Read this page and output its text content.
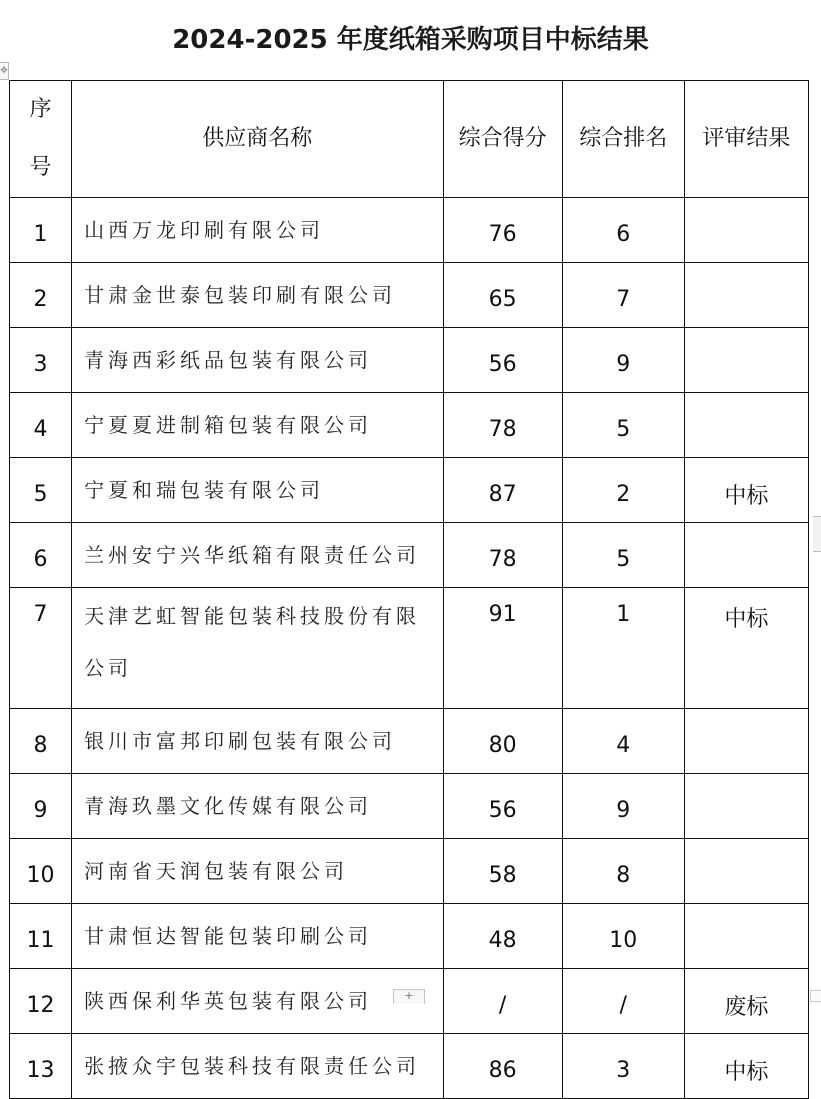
2024-2025 年度纸箱采购项目中标结果
✥
序号	供应商名称	综合得分	综合排名	评审结果
1	山西万龙印刷有限公司	76	6	
2	甘肃金世泰包装印刷有限公司	65	7	
3	青海西彩纸品包装有限公司	56	9	
4	宁夏夏进制箱包装有限公司	78	5	
5	宁夏和瑞包装有限公司	87	2	中标
6	兰州安宁兴华纸箱有限责任公司	78	5	
7	天津艺虹智能包装科技股份有限公司	91	1	中标
8	银川市富邦印刷包装有限公司	80	4	
9	青海玖墨文化传媒有限公司	56	9	
10	河南省天润包装有限公司	58	8	
11	甘肃恒达智能包装印刷公司	48	10	
12	陕西保利华英包装有限公司	/	/	废标
13	张掖众宇包装科技有限责任公司	86	3	中标
+
